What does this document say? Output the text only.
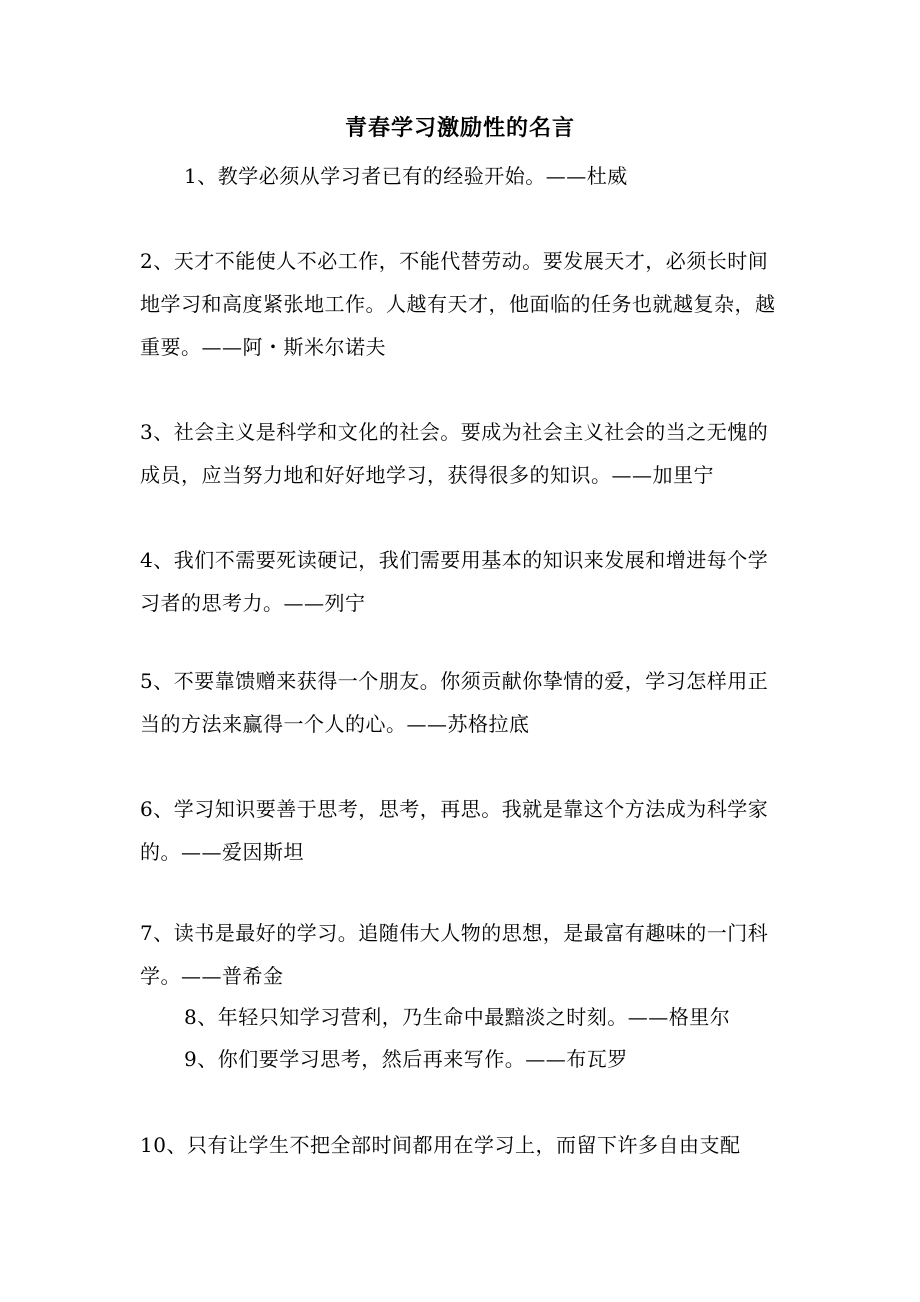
青春学习激励性的名言
1、教学必须从学习者已有的经验开始。——杜威
2、天才不能使人不必工作，不能代替劳动。要发展天才，必须长时间地学习和高度紧张地工作。人越有天才，他面临的任务也就越复杂，越重要。——阿・斯米尔诺夫
3、社会主义是科学和文化的社会。要成为社会主义社会的当之无愧的成员，应当努力地和好好地学习，获得很多的知识。——加里宁
4、我们不需要死读硬记，我们需要用基本的知识来发展和增进每个学习者的思考力。——列宁
5、不要靠馈赠来获得一个朋友。你须贡献你挚情的爱，学习怎样用正当的方法来赢得一个人的心。——苏格拉底
6、学习知识要善于思考，思考，再思。我就是靠这个方法成为科学家的。——爱因斯坦
7、读书是最好的学习。追随伟大人物的思想，是最富有趣味的一门科学。——普希金
8、年轻只知学习营利，乃生命中最黯淡之时刻。——格里尔
9、你们要学习思考，然后再来写作。——布瓦罗
10、只有让学生不把全部时间都用在学习上，而留下许多自由支配
